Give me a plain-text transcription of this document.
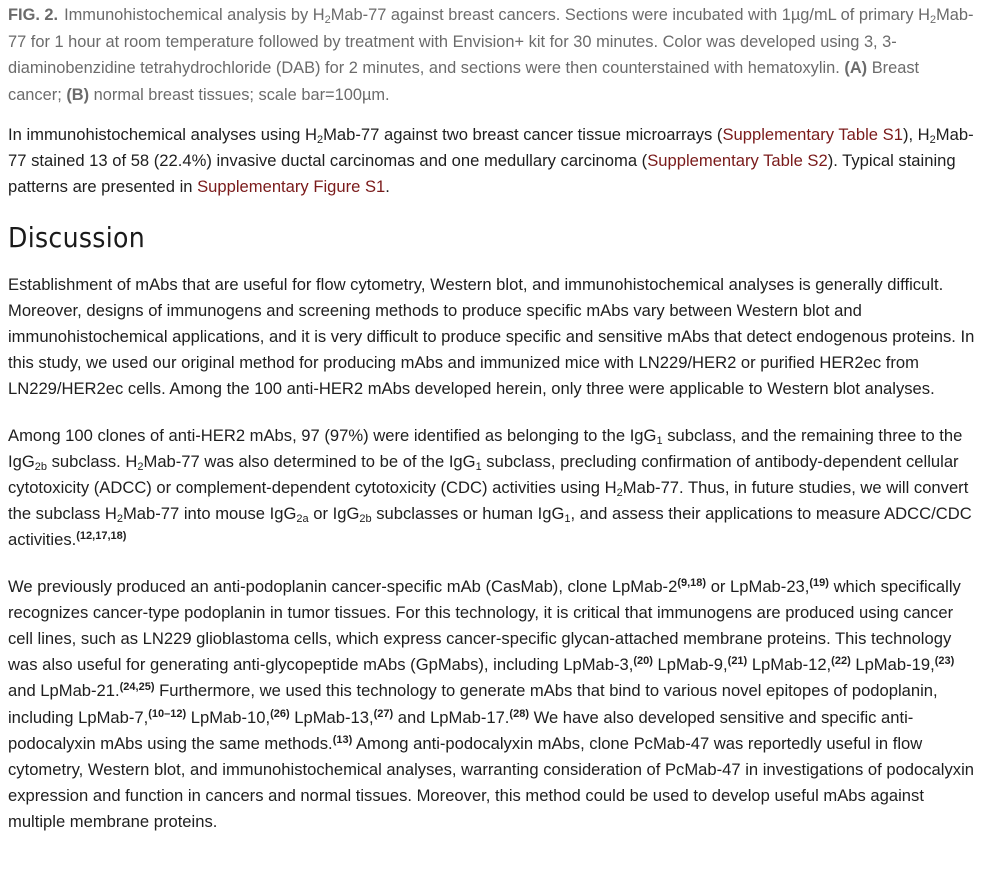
FIG. 2. Immunohistochemical analysis by $H_2Mab-77$ against breast cancers. Sections were incubated with 1µg/mL of primary $H_2Mab-77$ for 1 hour at room temperature followed by treatment with Envision+ kit for 30 minutes. Color was developed using 3, 3-diaminobenzidine tetrahydrochloride (DAB) for 2 minutes, and sections were then counterstained with hematoxylin. (A) Breast cancer; (B) normal breast tissues; scale bar=100µm.

In immunohistochemical analyses using $H_2Mab-77$ against two breast cancer tissue microarrays (Supplementary Table S1), $H_2Mab-77$ stained 13 of 58 (22.4%) invasive ductal carcinomas and one medullary carcinoma (Supplementary Table S2). Typical staining patterns are presented in Supplementary Figure S1.

Discussion

Establishment of mAbs that are useful for flow cytometry, Western blot, and immunohistochemical analyses is generally difficult. Moreover, designs of immunogens and screening methods to produce specific mAbs vary between Western blot and immunohistochemical applications, and it is very difficult to produce specific and sensitive mAbs that detect endogenous proteins. In this study, we used our original method for producing mAbs and immunized mice with LN229/HER2 or purified HER2ec from LN229/HER2ec cells. Among the 100 anti-HER2 mAbs developed herein, only three were applicable to Western blot analyses.

Among 100 clones of anti-HER2 mAbs, 97 (97%) were identified as belonging to the IgG$_1$ subclass, and the remaining three to the IgG$_{2b}$ subclass. $H_2Mab-77$ was also determined to be of the IgG$_1$ subclass, precluding confirmation of antibody-dependent cellular cytotoxicity (ADCC) or complement-dependent cytotoxicity (CDC) activities using $H_2Mab-77$. Thus, in future studies, we will convert the subclass $H_2Mab-77$ into mouse IgG$_{2a}$ or IgG$_{2b}$ subclasses or human IgG$_1$, and assess their applications to measure ADCC/CDC activities.$^{(12,17,18)}$

We previously produced an anti-podoplanin cancer-specific mAb (CasMab), clone LpMab-2$^{(9,18)}$ or LpMab-23,$^{(19)}$ which specifically recognizes cancer-type podoplanin in tumor tissues. For this technology, it is critical that immunogens are produced using cancer cell lines, such as LN229 glioblastoma cells, which express cancer-specific glycan-attached membrane proteins. This technology was also useful for generating anti-glycopeptide mAbs (GpMabs), including LpMab-3,$^{(20)}$ LpMab-9,$^{(21)}$ LpMab-12,$^{(22)}$ LpMab-19,$^{(23)}$ and LpMab-21.$^{(24,25)}$ Furthermore, we used this technology to generate mAbs that bind to various novel epitopes of podoplanin, including LpMab-7,$^{(10-12)}$ LpMab-10,$^{(26)}$ LpMab-13,$^{(27)}$ and LpMab-17.$^{(28)}$ We have also developed sensitive and specific anti-podocalyxin mAbs using the same methods.$^{(13)}$ Among anti-podocalyxin mAbs, clone PcMab-47 was reportedly useful in flow cytometry, Western blot, and immunohistochemical analyses, warranting consideration of PcMab-47 in investigations of podocalyxin expression and function in cancers and normal tissues. Moreover, this method could be used to develop useful mAbs against multiple membrane proteins.
